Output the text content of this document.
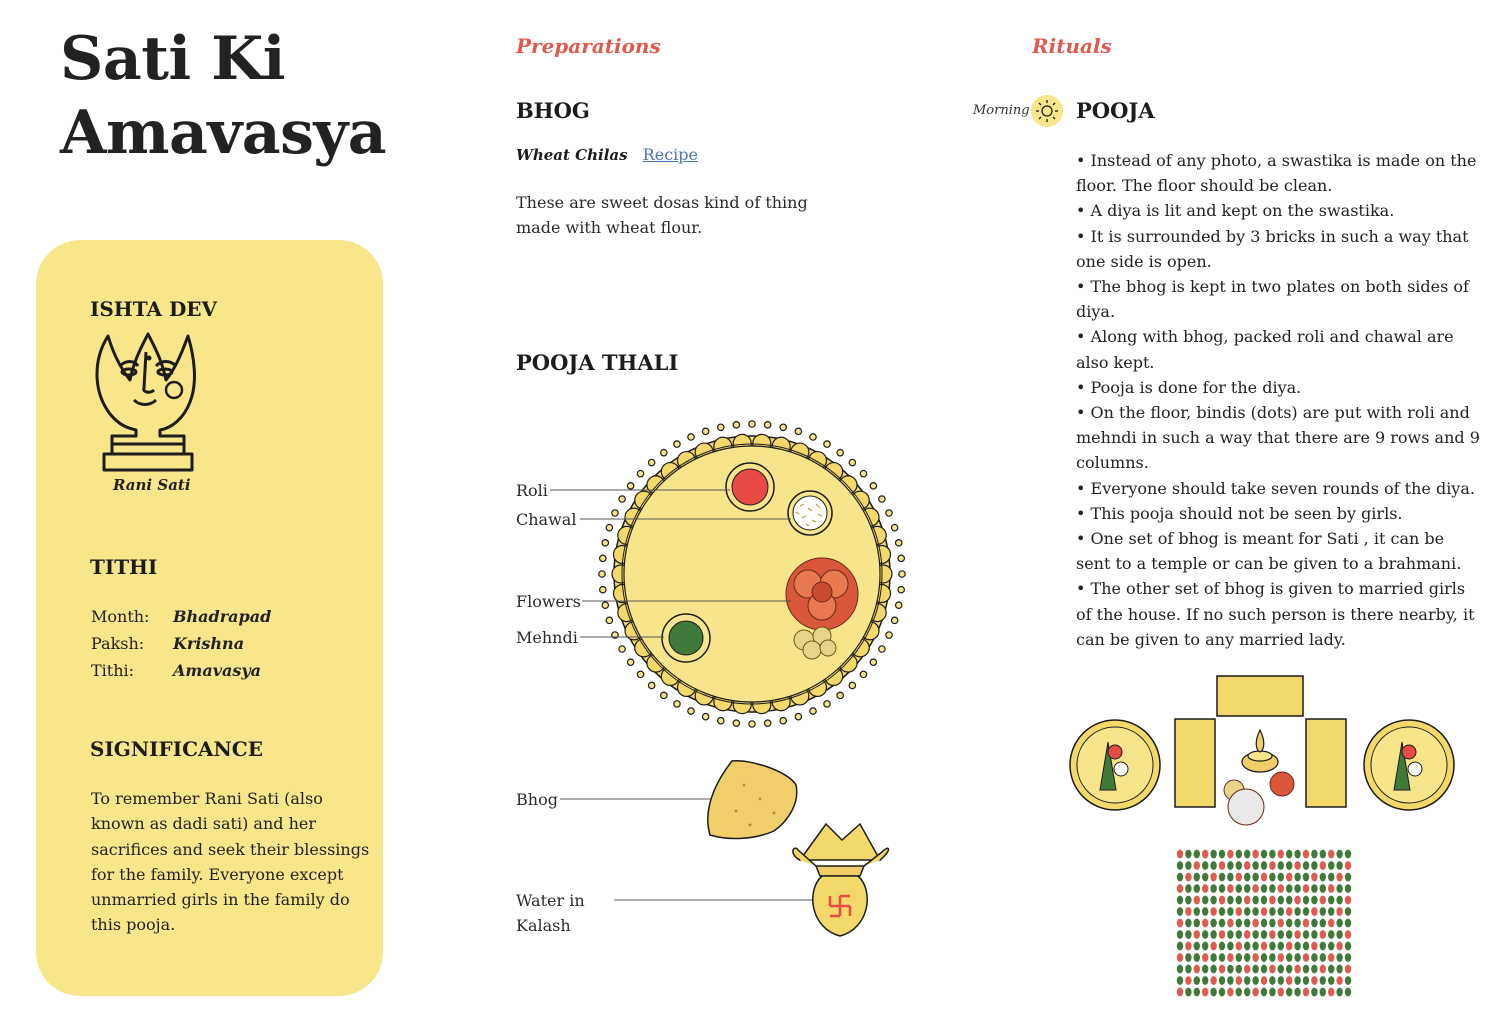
Sati Ki
Amavasya
ISHTA DEV
Rani Sati
TITHI
Month: Bhadrapad
Paksh: Krishna
Tithi: Amavasya
SIGNIFICANCE
To remember Rani Sati (also known as dadi sati) and her sacrifices and seek their blessings for the family. Everyone except unmarried girls in the family do this pooja.
Preparations
BHOG
Wheat Chilas Recipe
These are sweet dosas kind of thing made with wheat flour.
POOJA THALI
Roli
Chawal
Flowers
Mehndi
Bhog
Water in
Kalash
Rituals
Morning POOJA
• Instead of any photo, a swastika is made on the floor. The floor should be clean.
• A diya is lit and kept on the swastika.
• It is surrounded by 3 bricks in such a way that one side is open.
• The bhog is kept in two plates on both sides of diya.
• Along with bhog, packed roli and chawal are also kept.
• Pooja is done for the diya.
• On the floor, bindis (dots) are put with roli and mehndi in such a way that there are 9 rows and 9 columns.
• Everyone should take seven rounds of the diya.
• This pooja should not be seen by girls.
• One set of bhog is meant for Sati , it can be sent to a temple or can be given to a brahmani.
• The other set of bhog is given to married girls of the house. If no such person is there nearby, it can be given to any married lady.
